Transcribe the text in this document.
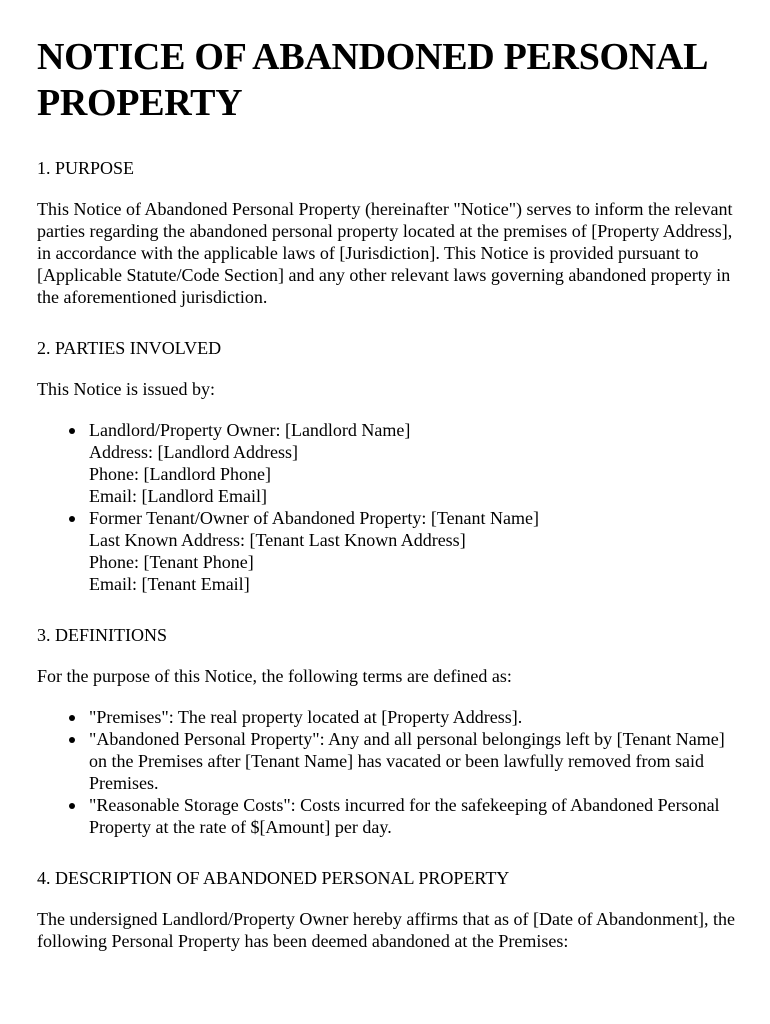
NOTICE OF ABANDONED PERSONAL PROPERTY
1. PURPOSE

This Notice of Abandoned Personal Property (hereinafter "Notice") serves to inform the relevant parties regarding the abandoned personal property located at the premises of [Property Address], in accordance with the applicable laws of [Jurisdiction]. This Notice is provided pursuant to [Applicable Statute/Code Section] and any other relevant laws governing abandoned property in the aforementioned jurisdiction.

2. PARTIES INVOLVED

This Notice is issued by:

Landlord/Property Owner: [Landlord Name]
Address: [Landlord Address]
Phone: [Landlord Phone]
Email: [Landlord Email]
Former Tenant/Owner of Abandoned Property: [Tenant Name]
Last Known Address: [Tenant Last Known Address]
Phone: [Tenant Phone]
Email: [Tenant Email]
3. DEFINITIONS

For the purpose of this Notice, the following terms are defined as:

"Premises": The real property located at [Property Address].
"Abandoned Personal Property": Any and all personal belongings left by [Tenant Name] on the Premises after [Tenant Name] has vacated or been lawfully removed from said Premises.
"Reasonable Storage Costs": Costs incurred for the safekeeping of Abandoned Personal Property at the rate of $[Amount] per day.
4. DESCRIPTION OF ABANDONED PERSONAL PROPERTY

The undersigned Landlord/Property Owner hereby affirms that as of [Date of Abandonment], the following Personal Property has been deemed abandoned at the Premises:
